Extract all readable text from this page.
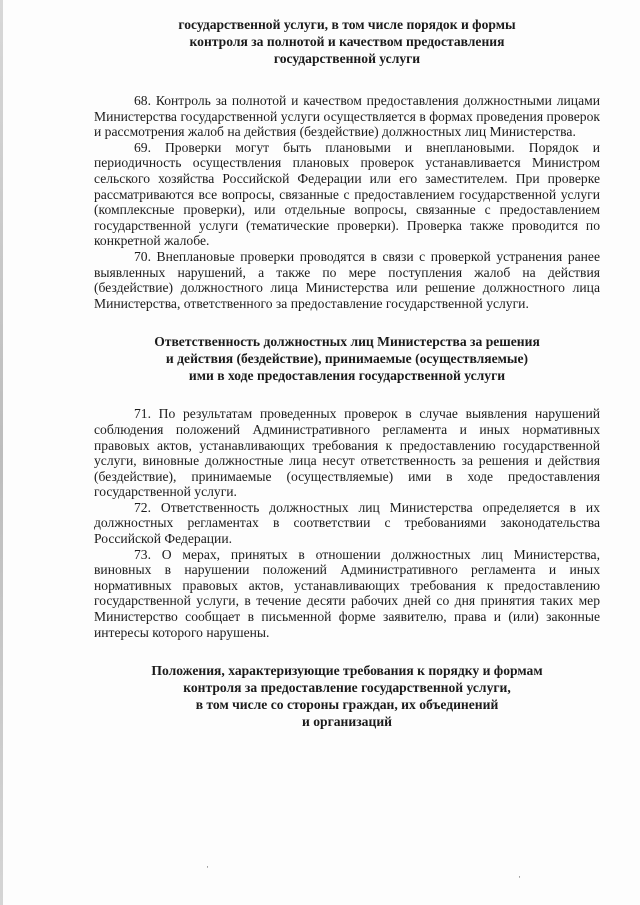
государственной услуги, в том числе порядок и формы
контроля за полнотой и качеством предоставления
государственной услуги

68. Контроль за полнотой и качеством предоставления должностными лицами Министерства государственной услуги осуществляется в формах проведения проверок и рассмотрения жалоб на действия (бездействие) должностных лиц Министерства.

69. Проверки могут быть плановыми и внеплановыми. Порядок и периодичность осуществления плановых проверок устанавливается Министром сельского хозяйства Российской Федерации или его заместителем. При проверке рассматриваются все вопросы, связанные с предоставлением государственной услуги (комплексные проверки), или отдельные вопросы, связанные с предоставлением государственной услуги (тематические проверки). Проверка также проводится по конкретной жалобе.

70. Внеплановые проверки проводятся в связи с проверкой устранения ранее выявленных нарушений, а также по мере поступления жалоб на действия (бездействие) должностного лица Министерства или решение должностного лица Министерства, ответственного за предоставление государственной услуги.

Ответственность должностных лиц Министерства за решения
и действия (бездействие), принимаемые (осуществляемые)
ими в ходе предоставления государственной услуги

71. По результатам проведенных проверок в случае выявления нарушений соблюдения положений Административного регламента и иных нормативных правовых актов, устанавливающих требования к предоставлению государственной услуги, виновные должностные лица несут ответственность за решения и действия (бездействие), принимаемые (осуществляемые) ими в ходе предоставления государственной услуги.

72. Ответственность должностных лиц Министерства определяется в их должностных регламентах в соответствии с требованиями законодательства Российской Федерации.

73. О мерах, принятых в отношении должностных лиц Министерства, виновных в нарушении положений Административного регламента и иных нормативных правовых актов, устанавливающих требования к предоставлению государственной услуги, в течение десяти рабочих дней со дня принятия таких мер Министерство сообщает в письменной форме заявителю, права и (или) законные интересы которого нарушены.

Положения, характеризующие требования к порядку и формам
контроля за предоставление государственной услуги,
в том числе со стороны граждан, их объединений
и организаций
·
·
